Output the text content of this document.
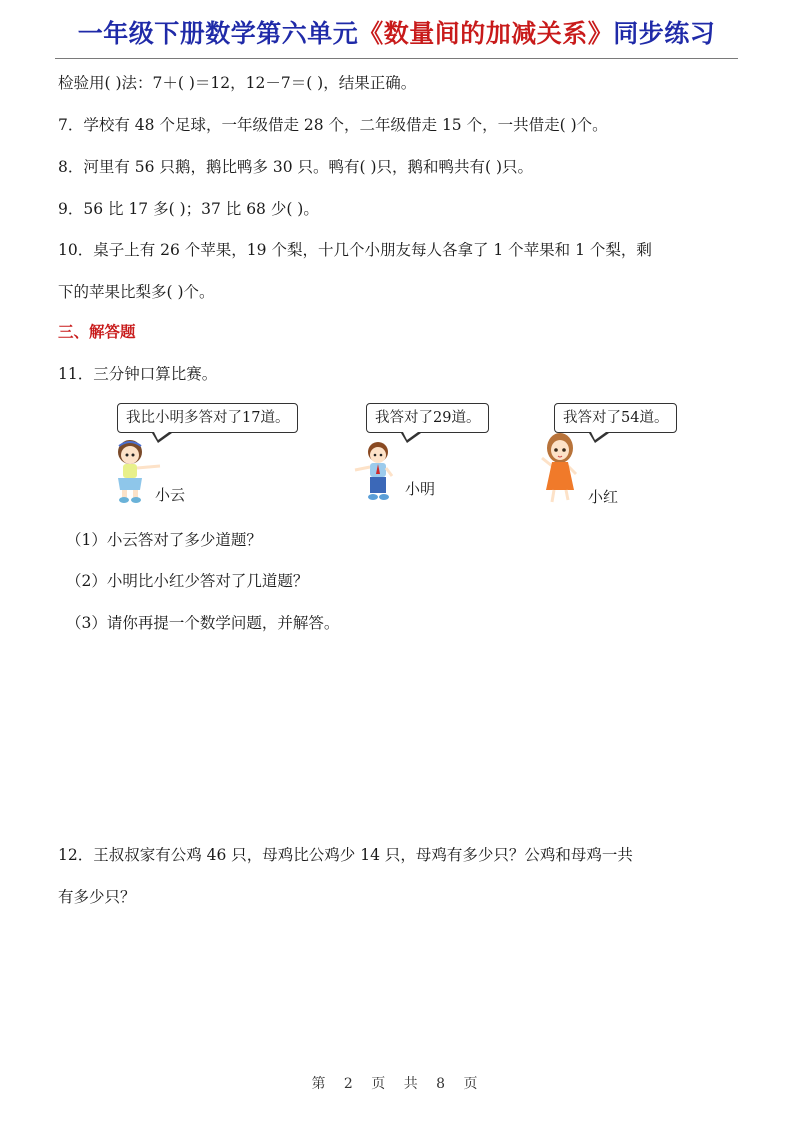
一年级下册数学第六单元《数量间的加减关系》同步练习
检验用( )法：7＋( )＝12，12－7＝( )，结果正确。
7．学校有 48 个足球，一年级借走 28 个，二年级借走 15 个，一共借走( )个。
8．河里有 56 只鹅，鹅比鸭多 30 只。鸭有( )只，鹅和鸭共有( )只。
9．56 比 17 多( )；37 比 68 少( )。
10．桌子上有 26 个苹果，19 个梨，十几个小朋友每人各拿了 1 个苹果和 1 个梨，剩
下的苹果比梨多( )个。
三、解答题
11．三分钟口算比赛。
我比小明多答对了17道。	我答对了29道。	我答对了54道。
小云	小明	小红
（1）小云答对了多少道题？
（2）小明比小红少答对了几道题？
（3）请你再提一个数学问题，并解答。
12．王叔叔家有公鸡 46 只，母鸡比公鸡少 14 只，母鸡有多少只？公鸡和母鸡一共
有多少只？
第 2 页 共 8 页
